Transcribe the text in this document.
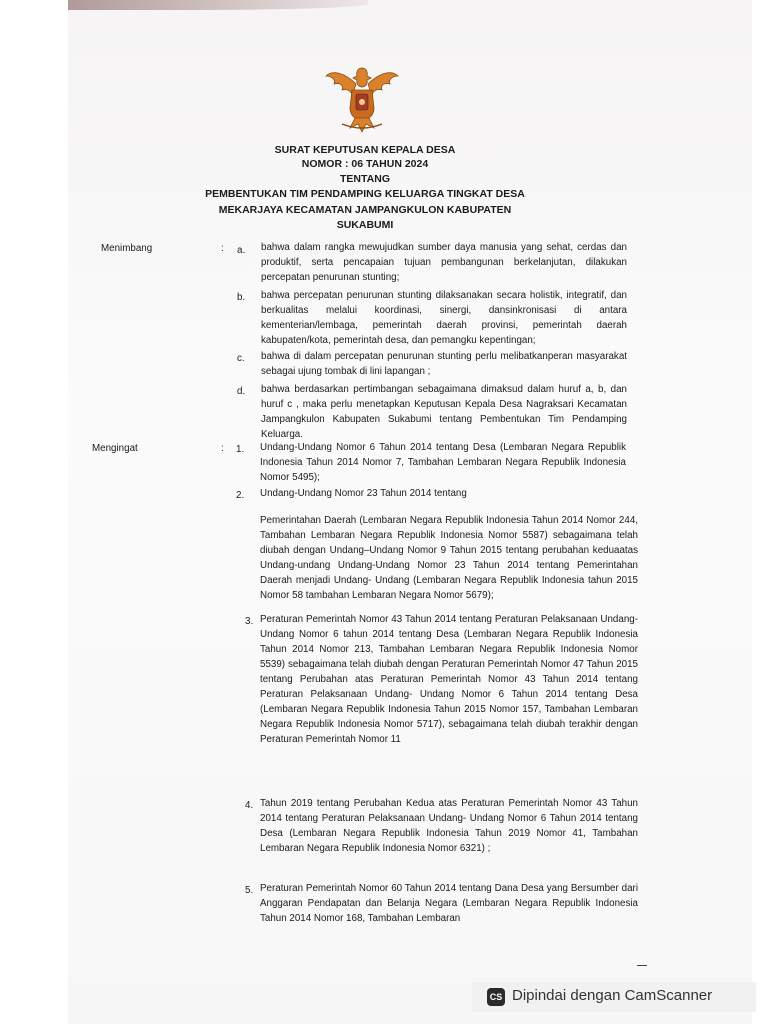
SURAT KEPUTUSAN KEPALA DESA
NOMOR : 06 TAHUN 2024
TENTANG
PEMBENTUKAN TIM PENDAMPING KELUARGA TINGKAT DESA
MEKARJAYA KECAMATAN JAMPANGKULON KABUPATEN
SUKABUMI
Menimbang	: a. bahwa dalam rangka mewujudkan sumber daya manusia yang sehat, cerdas dan produktif, serta pencapaian tujuan pembangunan berkelanjutan, dilakukan percepatan penurunan stunting;
b. bahwa percepatan penurunan stunting dilaksanakan secara holistik, integratif, dan berkualitas melalui koordinasi, sinergi, dansinkronisasi di antara kementerian/lembaga, pemerintah daerah provinsi, pemerintah daerah kabupaten/kota, pemerintah desa, dan pemangku kepentingan;
c. bahwa di dalam percepatan penurunan stunting perlu melibatkanperan masyarakat sebagai ujung tombak di lini lapangan ;
d. bahwa berdasarkan pertimbangan sebagaimana dimaksud dalam huruf a, b, dan huruf c , maka perlu menetapkan Keputusan Kepala Desa Nagraksari Kecamatan Jampangkulon Kabupaten Sukabumi tentang Pembentukan Tim Pendamping Keluarga.
Mengingat	: 1. Undang-Undang Nomor 6 Tahun 2014 tentang Desa (Lembaran Negara Republik Indonesia Tahun 2014 Nomor 7, Tambahan Lembaran Negara Republik Indonesia Nomor 5495);
2. Undang-Undang Nomor 23 Tahun 2014 tentang
Pemerintahan Daerah (Lembaran Negara Republik Indonesia Tahun 2014 Nomor 244, Tambahan Lembaran Negara Republik Indonesia Nomor 5587) sebagaimana telah diubah dengan Undang–Undang Nomor 9 Tahun 2015 tentang perubahan keduaatas Undang-undang Undang-Undang Nomor 23 Tahun 2014 tentang Pemerintahan Daerah menjadi Undang- Undang (Lembaran Negara Republik Indonesia tahun 2015 Nomor 58 tambahan Lembaran Negara Nomor 5679);
3. Peraturan Pemerintah Nomor 43 Tahun 2014 tentang Peraturan Pelaksanaan Undang-Undang Nomor 6 tahun 2014 tentang Desa (Lembaran Negara Republik Indonesia Tahun 2014 Nomor 213, Tambahan Lembaran Negara Republik Indonesia Nomor 5539) sebagaimana telah diubah dengan Peraturan Pemerintah Nomor 47 Tahun 2015 tentang Perubahan atas Peraturan Pemerintah Nomor 43 Tahun 2014 tentang Peraturan Pelaksanaan Undang- Undang Nomor 6 Tahun 2014 tentang Desa (Lembaran Negara Republik Indonesia Tahun 2015 Nomor 157, Tambahan Lembaran Negara Republik Indonesia Nomor 5717), sebagaimana telah diubah terakhir dengan Peraturan Pemerintah Nomor 11
4. Tahun 2019 tentang Perubahan Kedua atas Peraturan Pemerintah Nomor 43 Tahun 2014 tentang Peraturan Pelaksanaan Undang- Undang Nomor 6 Tahun 2014 tentang Desa (Lembaran Negara Republik Indonesia Tahun 2019 Nomor 41, Tambahan Lembaran Negara Republik Indonesia Nomor 6321) ;
5. Peraturan Pemerintah Nomor 60 Tahun 2014 tentang Dana Desa yang Bersumber dari Anggaran Pendapatan dan Belanja Negara (Lembaran Negara Republik Indonesia Tahun 2014 Nomor 168, Tambahan Lembaran
CS Dipindai dengan CamScanner
